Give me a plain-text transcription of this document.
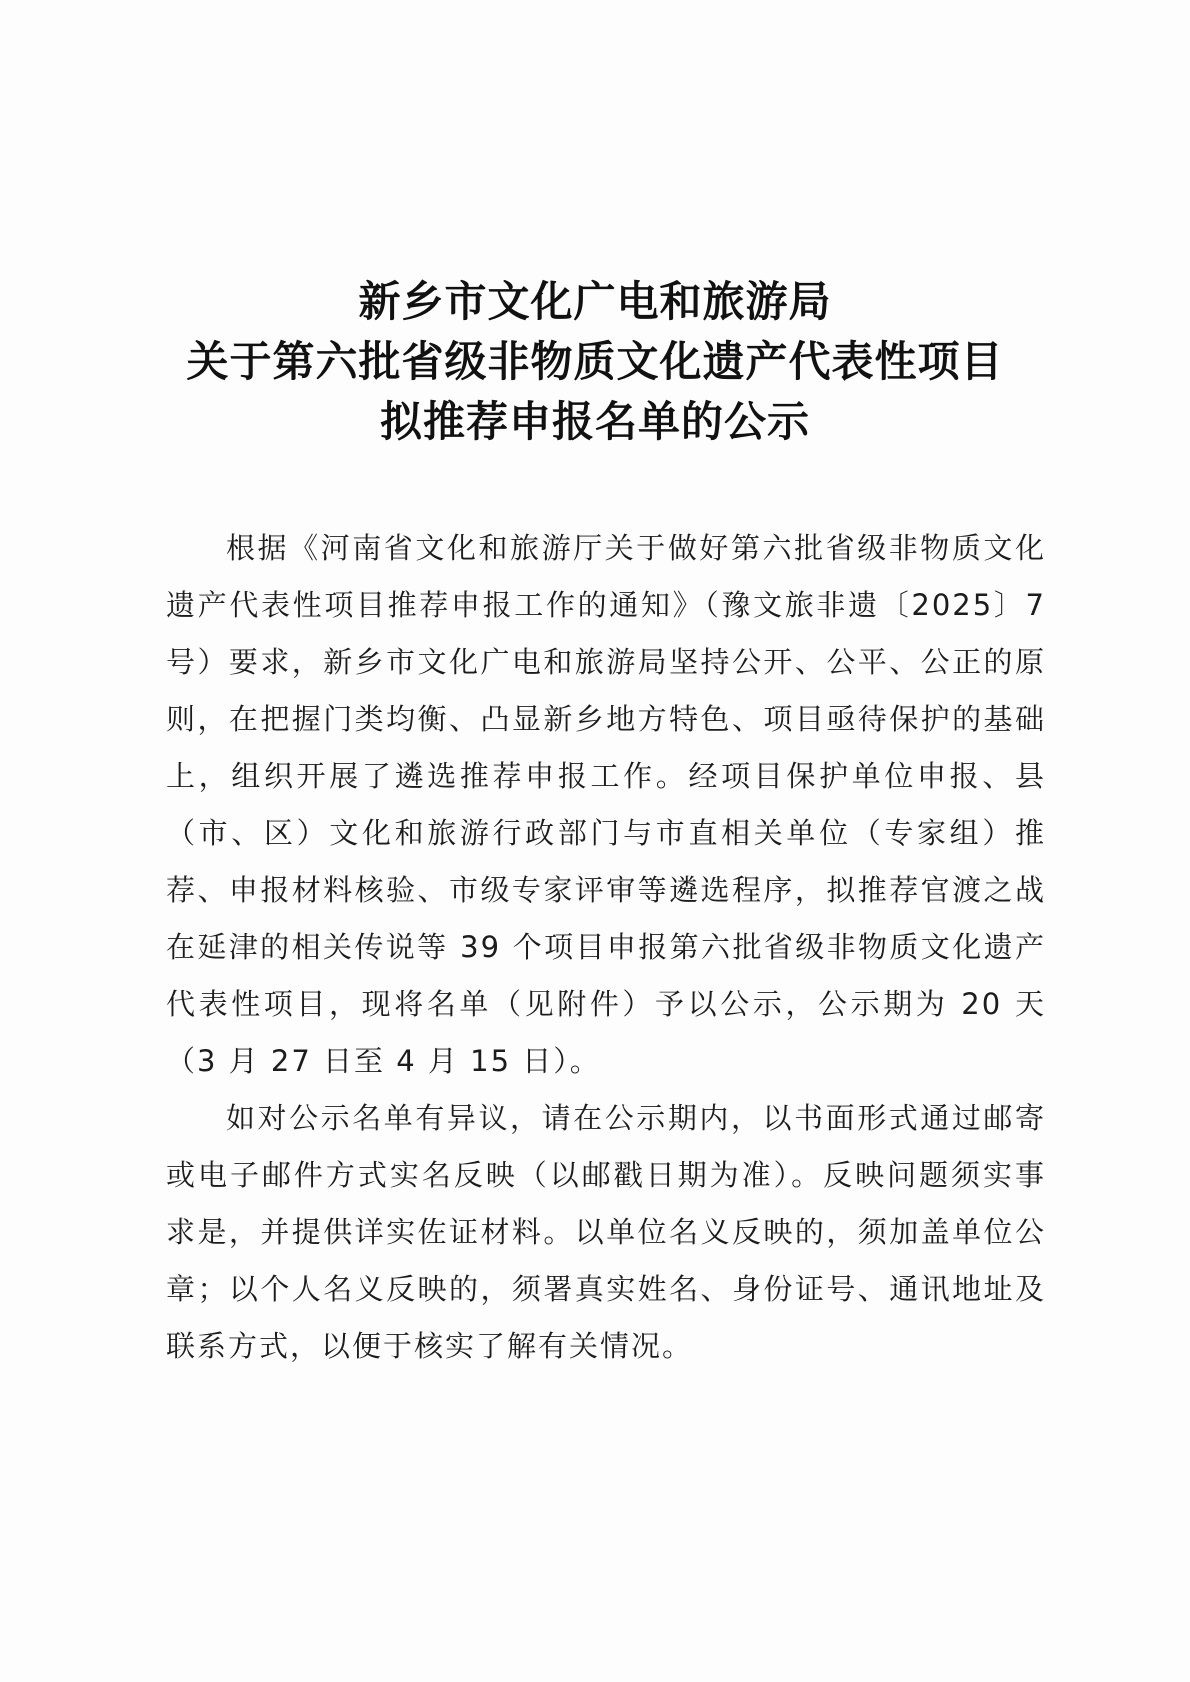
新乡市文化广电和旅游局
关于第六批省级非物质文化遗产代表性项目
拟推荐申报名单的公示

根据《河南省文化和旅游厅关于做好第六批省级非物质文化遗产代表性项目推荐申报工作的通知》（豫文旅非遗〔2025〕7号）要求，新乡市文化广电和旅游局坚持公开、公平、公正的原则，在把握门类均衡、凸显新乡地方特色、项目亟待保护的基础上，组织开展了遴选推荐申报工作。经项目保护单位申报、县（市、区）文化和旅游行政部门与市直相关单位（专家组）推荐、申报材料核验、市级专家评审等遴选程序，拟推荐官渡之战在延津的相关传说等 39 个项目申报第六批省级非物质文化遗产代表性项目，现将名单（见附件）予以公示，公示期为 20 天（3 月 27 日至 4 月 15 日）。

如对公示名单有异议，请在公示期内，以书面形式通过邮寄或电子邮件方式实名反映（以邮戳日期为准）。反映问题须实事求是，并提供详实佐证材料。以单位名义反映的，须加盖单位公章；以个人名义反映的，须署真实姓名、身份证号、通讯地址及联系方式，以便于核实了解有关情况。
